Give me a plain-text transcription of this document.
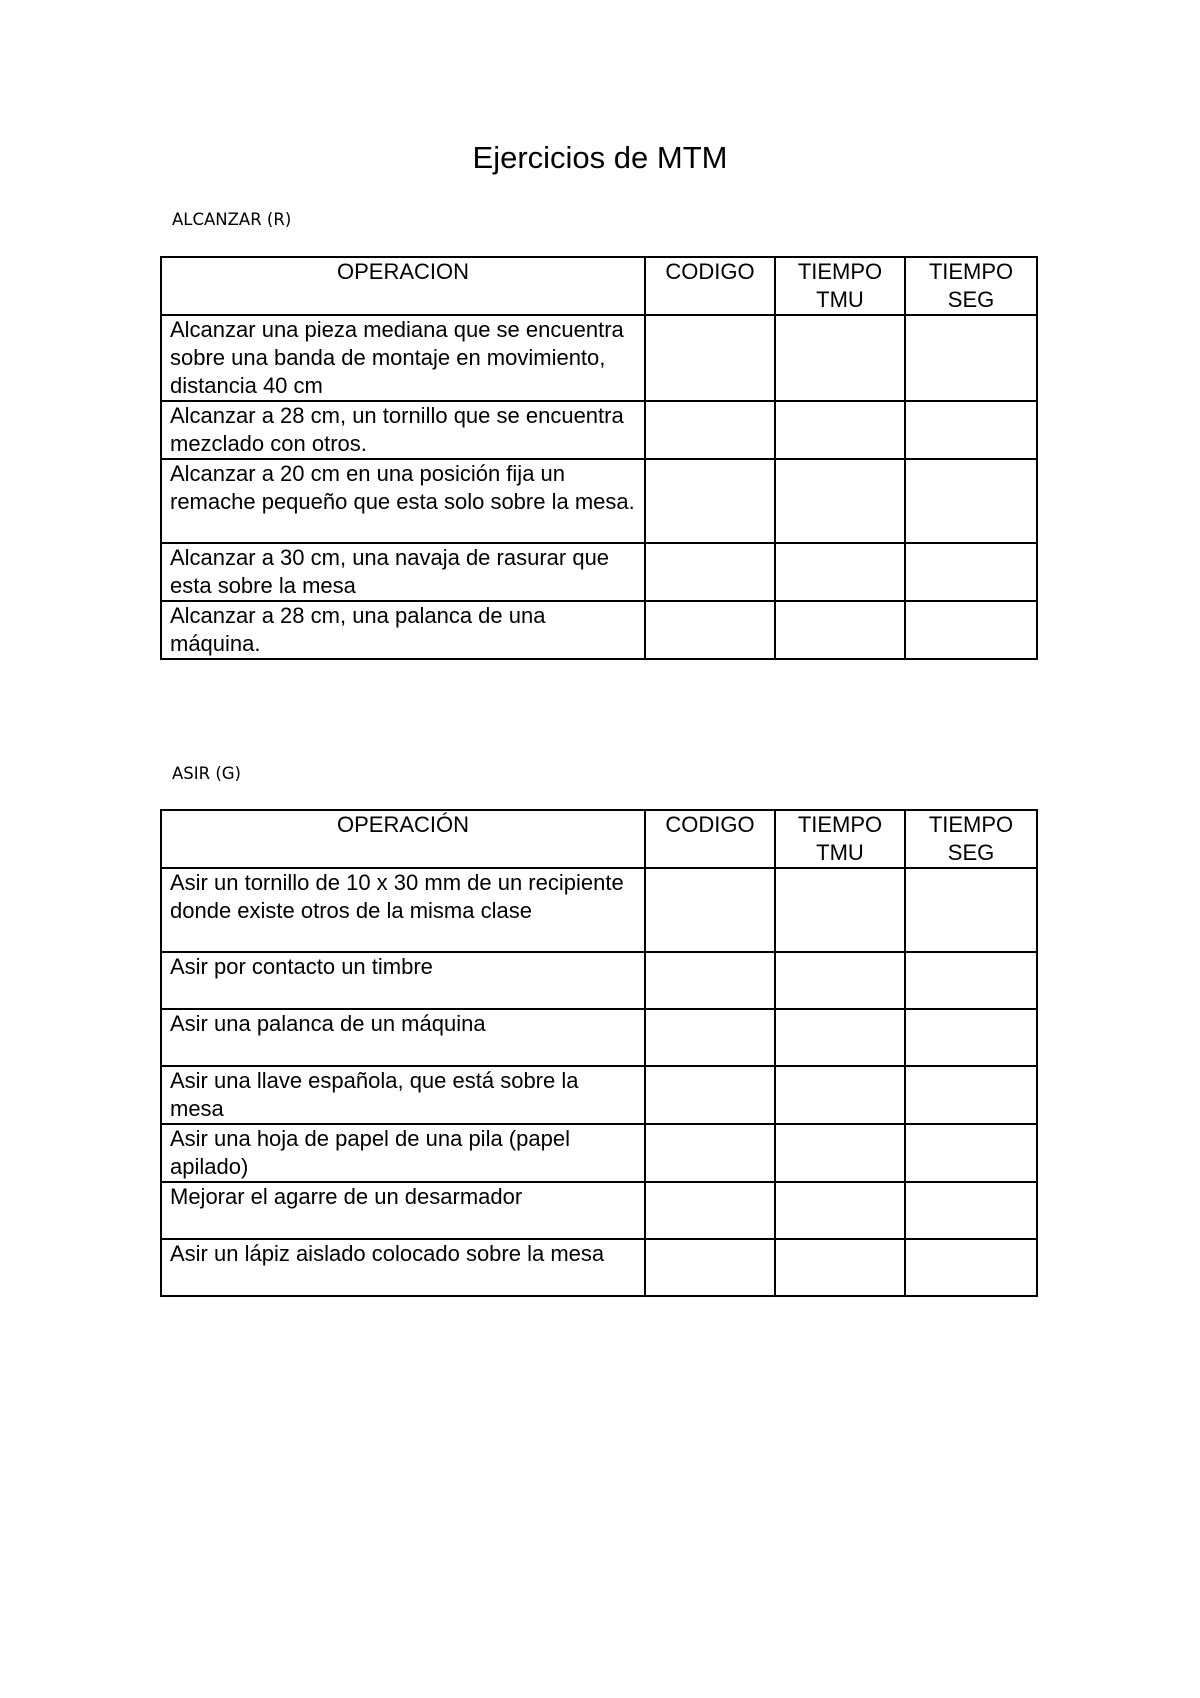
Ejercicios de MTM
ALCANZAR (R)
OPERACION	CODIGO	TIEMPO TMU	TIEMPO SEG
Alcanzar una pieza mediana que se encuentra sobre una banda de montaje en movimiento, distancia 40 cm			
Alcanzar a 28 cm, un tornillo que se encuentra mezclado con otros.			
Alcanzar a 20 cm en una posición fija un remache pequeño que esta solo sobre la mesa.			
Alcanzar a 30 cm, una navaja de rasurar que esta sobre la mesa			
Alcanzar a 28 cm, una palanca de una máquina.			
ASIR (G)
OPERACIÓN	CODIGO	TIEMPO TMU	TIEMPO SEG
Asir un tornillo de 10 x 30 mm de un recipiente donde existe otros de la misma clase			
Asir por contacto un timbre			
Asir una palanca de un máquina			
Asir una llave española, que está sobre la mesa			
Asir una hoja de papel de una pila (papel apilado)			
Mejorar el agarre de un desarmador			
Asir un lápiz aislado colocado sobre la mesa			
